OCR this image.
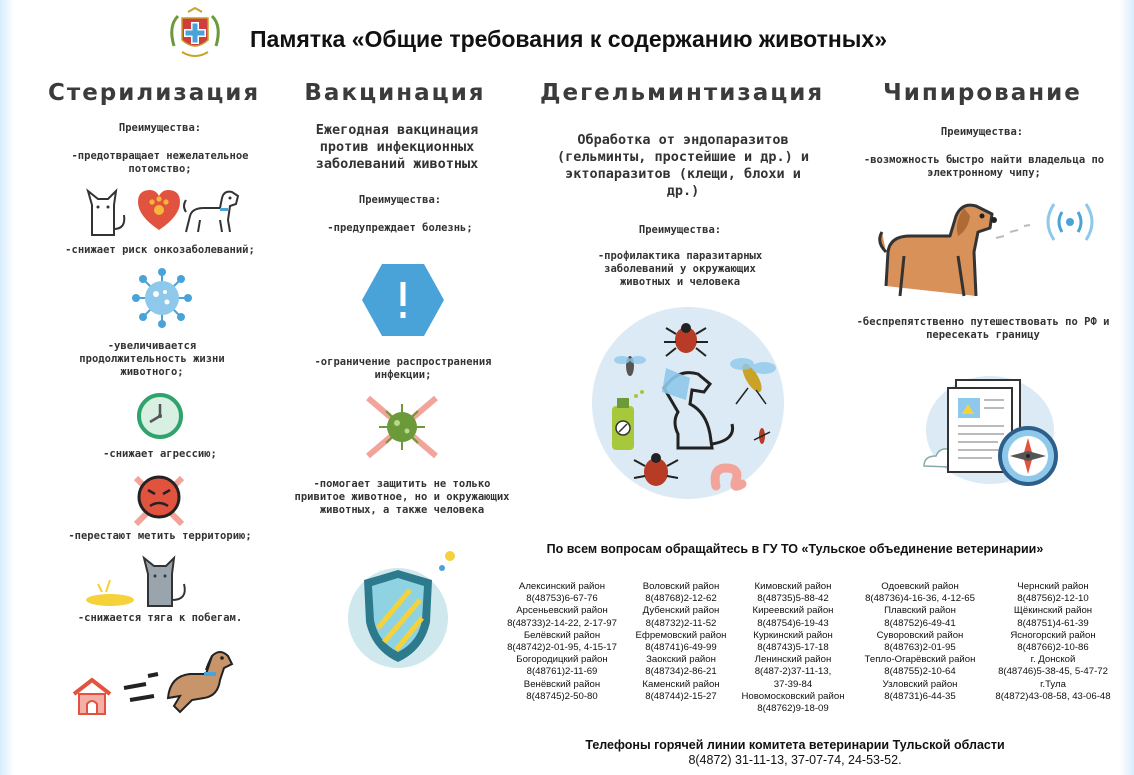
Памятка «Общие требования к содержанию животных»
Стерилизация Вакцинация Дегельминтизация	Чипирование
Преимущества:
-предотвращает нежелательное потомство;
-снижает риск онкозаболеваний;
-увеличивается продолжительность жизни животного;
-снижает агрессию;
-перестают метить территорию;
-снижается тяга к побегам.
Ежегодная вакцинация против инфекционных заболеваний животных
Преимущества:
-предупреждает болезнь;
-ограничение распространения инфекции;
-помогает защитить не только привитое животное, но и окружающих животных, а также человека
Обработка от эндопаразитов (гельминты, простейшие и др.) и эктопаразитов (клещи, блохи и др.)
Преимущества:
-профилактика паразитарных заболеваний у окружающих животных и человека
Преимущества:
-возможность быстро найти владельца по электронному чипу;
-беспрепятственно путешествовать по РФ и пересекать границу
По всем вопросам обращайтесь в ГУ ТО «Тульское объединение ветеринарии»
Алексинский район
8(48753)6-67-76
Арсеньевский район
8(48733)2-14-22, 2-17-97
Белёвский район
8(48742)2-01-95, 4-15-17
Богородицкий район
8(48761)2-11-69
Венёвский район
8(48745)2-50-80
Воловский район
8(48768)2-12-62
Дубенский район
8(48732)2-11-52
Ефремовский район
8(48741)6-49-99
Заокский район
8(48734)2-86-21
Каменский район
8(48744)2-15-27
Кимовский район
8(48735)5-88-42
Киреевский район
8(48754)6-19-43
Куркинский район
8(48743)5-17-18
Ленинский район
8(487-2)37-11-13,
37-39-84
Новомосковский район
8(48762)9-18-09
Одоевский район
8(48736)4-16-36, 4-12-65
Плавский район
8(48752)6-49-41
Суворовский район
8(48763)2-01-95
Тепло-Огарёвский район
8(48755)2-10-64
Узловский район
8(48731)6-44-35
Чернский район
8(48756)2-12-10
Щёкинский район
8(48751)4-61-39
Ясногорский район
8(48766)2-10-86
г. Донской
8(48746)5-38-45, 5-47-72
г.Тула
8(4872)43-08-58, 43-06-48
Телефоны горячей линии комитета ветеринарии Тульской области
8(4872) 31-11-13, 37-07-74, 24-53-52.
